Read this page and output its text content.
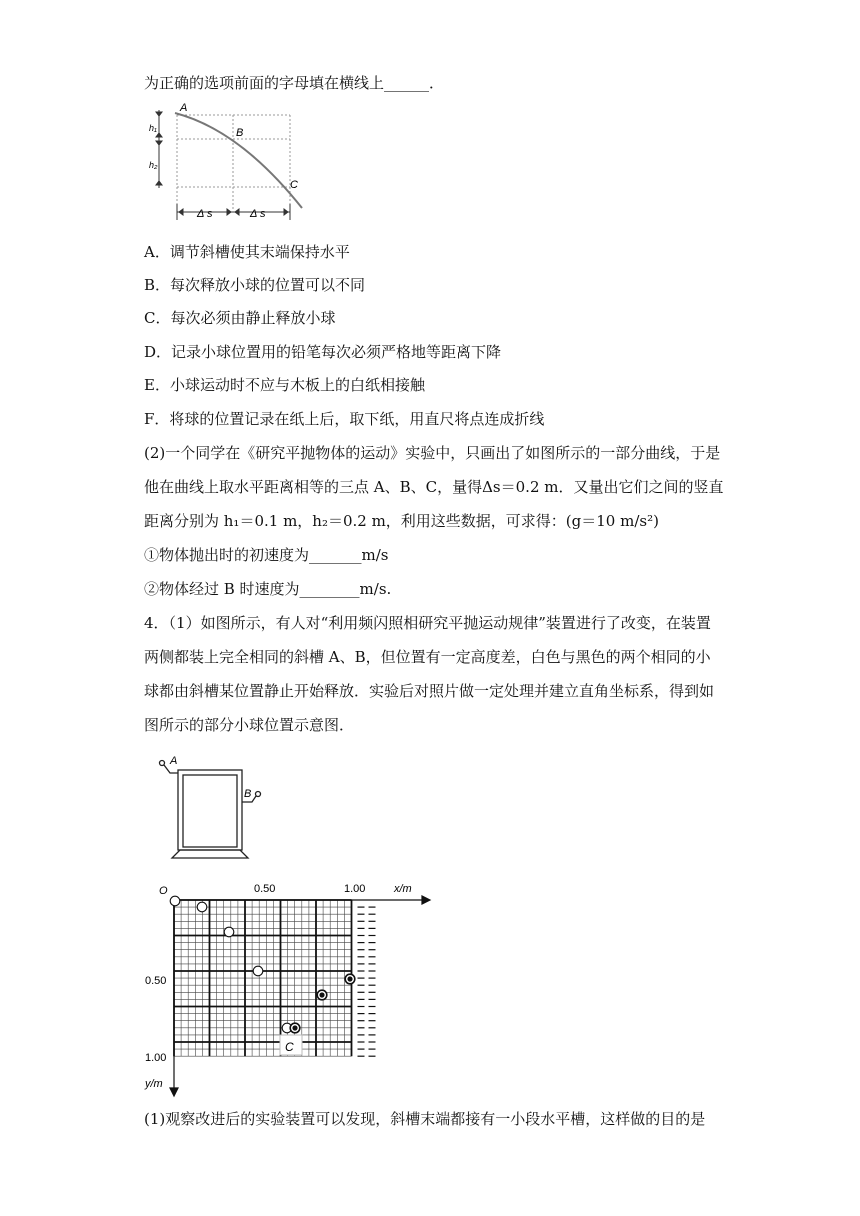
为正确的选项前面的字母填在横线上______．
A
B
C
h₁
h₂
Δ s	Δ s
A．调节斜槽使其末端保持水平
B．每次释放小球的位置可以不同
C．每次必须由静止释放小球
D．记录小球位置用的铅笔每次必须严格地等距离下降
E．小球运动时不应与木板上的白纸相接触
F．将球的位置记录在纸上后，取下纸，用直尺将点连成折线
(2)一个同学在《研究平抛物体的运动》实验中，只画出了如图所示的一部分曲线，于是
他在曲线上取水平距离相等的三点 A、B、C，量得Δs＝0.2 m．又量出它们之间的竖直
距离分别为 h₁＝0.1 m，h₂＝0.2 m，利用这些数据，可求得：(g＝10 m/s²)
①物体抛出时的初速度为_______m/s
②物体经过 B 时速度为________m/s.
4．（1）如图所示，有人对“利用频闪照相研究平抛运动规律”装置进行了改变，在装置
两侧都装上完全相同的斜槽 A、B，但位置有一定高度差，白色与黑色的两个相同的小
球都由斜槽某位置静止开始释放．实验后对照片做一定处理并建立直角坐标系，得到如
图所示的部分小球位置示意图．
A
B
O	0.50	1.00	x/m
0.50
1.00
y/m
C
(1)观察改进后的实验装置可以发现，斜槽末端都接有一小段水平槽，这样做的目的是
